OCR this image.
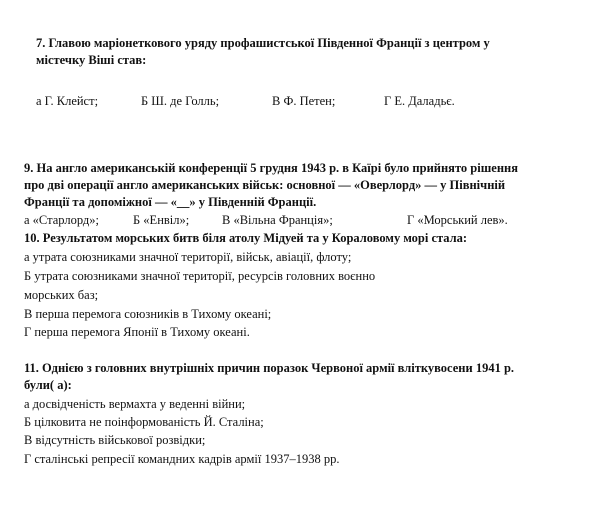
7. Главою маріонеткового уряду профашистської Південної Франції з центром у
містечку Віші став:
а Г. Клейст;	Б Ш. де Голль;	В Ф. Петен;	Г Е. Даладьє.
9. На англо американській конференції 5 грудня 1943 р. в Каїрі було прийнято рішення
про дві операції англо американських військ: основної — «Оверлорд» — у Північній
Франції та допоміжної — «__» у Південній Франції.
а «Старлорд»;	Б «Енвіл»;	В «Вільна Франція»;	Г «Морський лев».
10. Результатом морських битв біля атолу Мідуей та у Кораловому морі стала:
а утрата союзниками значної території, військ, авіації, флоту;
Б утрата союзниками значної території, ресурсів головних воєнно
морських баз;
В перша перемога союзників в Тихому океані;
Г перша перемога Японії в Тихому океані.
11. Однією з головних внутрішніх причин поразок Червоної армії вліткувосени 1941 р.
були( а):
а досвідченість вермахта у веденні війни;
Б цілковита не поінформованість Й. Сталіна;
В відсутність військової розвідки;
Г сталінські репресії командних кадрів армії 1937–1938 рр.
